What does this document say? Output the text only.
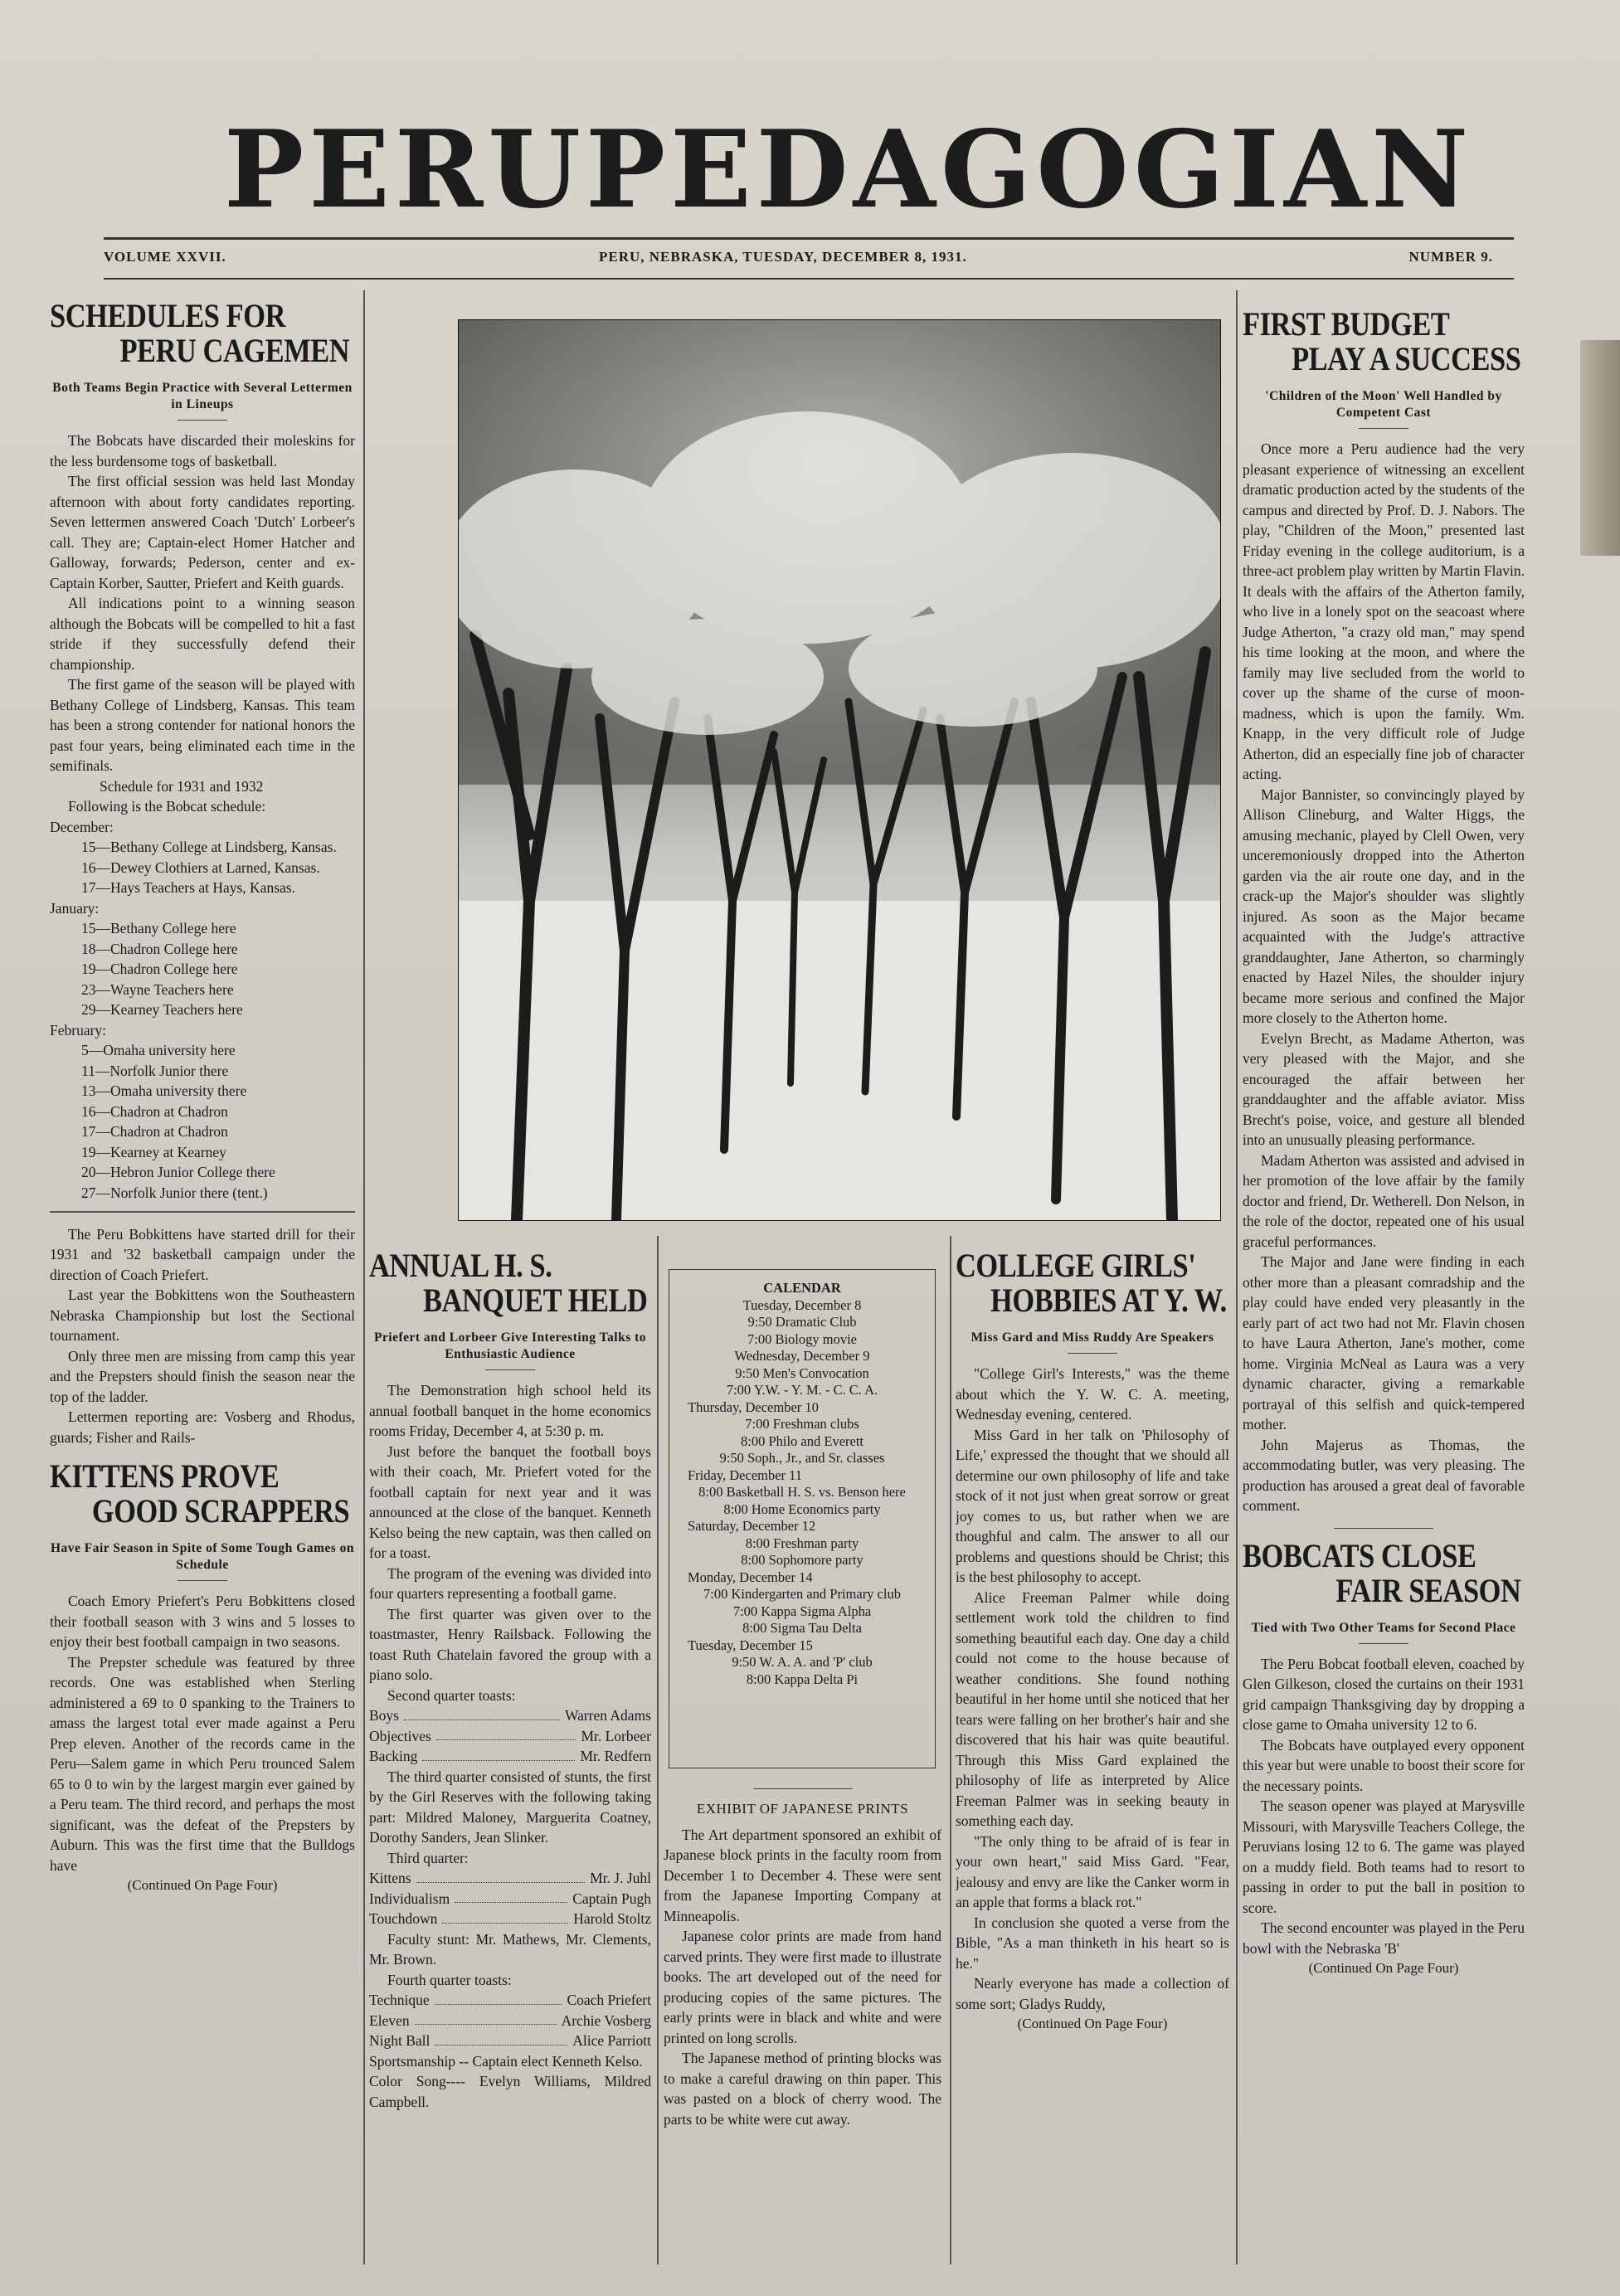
PERU PEDAGOGIAN
VOLUME XXVII.	PERU, NEBRASKA, TUESDAY, DECEMBER 8, 1931.	NUMBER 9.
SCHEDULES FOR
PERU CAGEMEN
Both Teams Begin Practice with Several Lettermen in Lineups

The Bobcats have discarded their moleskins for the less burdensome togs of basketball.

The first official session was held last Monday afternoon with about forty candidates reporting. Seven lettermen answered Coach 'Dutch' Lorbeer's call. They are; Captain-elect Homer Hatcher and Galloway, forwards; Pederson, center and ex-Captain Korber, Sautter, Priefert and Keith guards.

All indications point to a winning season although the Bobcats will be compelled to hit a fast stride if they successfully defend their championship.

The first game of the season will be played with Bethany College of Lindsberg, Kansas. This team has been a strong contender for national honors the past four years, being eliminated each time in the semifinals.

Schedule for 1931 and 1932

Following is the Bobcat schedule:

December:
15—Bethany College at Lindsberg, Kansas.
16—Dewey Clothiers at Larned, Kansas.
17—Hays Teachers at Hays, Kansas.
January:
15—Bethany College here
18—Chadron College here
19—Chadron College here
23—Wayne Teachers here
29—Kearney Teachers here
February:
5—Omaha university here
11—Norfolk Junior there
13—Omaha university there
16—Chadron at Chadron
17—Chadron at Chadron
19—Kearney at Kearney
20—Hebron Junior College there
27—Norfolk Junior there (tent.)

The Peru Bobkittens have started drill for their 1931 and '32 basketball campaign under the direction of Coach Priefert.

Last year the Bobkittens won the Southeastern Nebraska Championship but lost the Sectional tournament.

Only three men are missing from camp this year and the Prepsters should finish the season near the top of the ladder.

Lettermen reporting are: Vosberg and Rhodus, guards; Fisher and Rails-

KITTENS PROVE
GOOD SCRAPPERS
Have Fair Season in Spite of Some Tough Games on Schedule

Coach Emory Priefert's Peru Bobkittens closed their football season with 3 wins and 5 losses to enjoy their best football campaign in two seasons.

The Prepster schedule was featured by three records. One was established when Sterling administered a 69 to 0 spanking to the Trainers to amass the largest total ever made against a Peru Prep eleven. Another of the records came in the Peru—Salem game in which Peru trounced Salem 65 to 0 to win by the largest margin ever gained by a Peru team. The third record, and perhaps the most significant, was the defeat of the Prepsters by Auburn. This was the first time that the Bulldogs have

(Continued On Page Four)
ANNUAL H. S.
BANQUET HELD
Priefert and Lorbeer Give Interesting Talks to Enthusiastic Audience

The Demonstration high school held its annual football banquet in the home economics rooms Friday, December 4, at 5:30 p. m.

Just before the banquet the football boys with their coach, Mr. Priefert voted for the football captain for next year and it was announced at the close of the banquet. Kenneth Kelso being the new captain, was then called on for a toast.

The program of the evening was divided into four quarters representing a football game.

The first quarter was given over to the toastmaster, Henry Railsback. Following the toast Ruth Chatelain favored the group with a piano solo.

Second quarter toasts:

Boys	Warren Adams
Objectives	Mr. Lorbeer
Backing	Mr. Redfern

The third quarter consisted of stunts, the first by the Girl Reserves with the following taking part: Mildred Maloney, Marguerita Coatney, Dorothy Sanders, Jean Slinker.

Third quarter:

Kittens	Mr. J. Juhl
Individualism	Captain Pugh
Touchdown	Harold Stoltz

Faculty stunt: Mr. Mathews, Mr. Clements, Mr. Brown.

Fourth quarter toasts:

Technique	Coach Priefert
Eleven	Archie Vosberg
Night Ball	Alice Parriott

Sportsmanship -- Captain elect Kenneth Kelso.

Color Song---- Evelyn Williams, Mildred Campbell.

CALENDAR
Tuesday, December 8
9:50 Dramatic Club
7:00 Biology movie
Wednesday, December 9
9:50 Men's Convocation
7:00 Y.W. - Y. M. - C. C. A.
Thursday, December 10
7:00 Freshman clubs
8:00 Philo and Everett
9:50 Soph., Jr., and Sr. classes
Friday, December 11
8:00 Basketball H. S. vs. Benson here
8:00 Home Economics party
Saturday, December 12
8:00 Freshman party
8:00 Sophomore party
Monday, December 14
7:00 Kindergarten and Primary club
7:00 Kappa Sigma Alpha
8:00 Sigma Tau Delta
Tuesday, December 15
9:50 W. A. A. and 'P' club
8:00 Kappa Delta Pi
EXHIBIT OF JAPANESE PRINTS

The Art department sponsored an exhibit of Japanese block prints in the faculty room from December 1 to December 4. These were sent from the Japanese Importing Company at Minneapolis.

Japanese color prints are made from hand carved prints. They were first made to illustrate books. The art developed out of the need for producing copies of the same pictures. The early prints were in black and white and were printed on long scrolls.

The Japanese method of printing blocks was to make a careful drawing on thin paper. This was pasted on a block of cherry wood. The parts to be white were cut away.

COLLEGE GIRLS'
HOBBIES AT Y. W.
Miss Gard and Miss Ruddy Are Speakers

"College Girl's Interests," was the theme about which the Y. W. C. A. meeting, Wednesday evening, centered.

Miss Gard in her talk on 'Philosophy of Life,' expressed the thought that we should all determine our own philosophy of life and take stock of it not just when great sorrow or great joy comes to us, but rather when we are thoughful and calm. The answer to all our problems and questions should be Christ; this is the best philosophy to accept.

Alice Freeman Palmer while doing settlement work told the children to find something beautiful each day. One day a child could not come to the house because of weather conditions. She found nothing beautiful in her home until she noticed that her tears were falling on her brother's hair and she discovered that his hair was quite beautiful. Through this Miss Gard explained the philosophy of life as interpreted by Alice Freeman Palmer was in seeking beauty in something each day.

"The only thing to be afraid of is fear in your own heart," said Miss Gard. "Fear, jealousy and envy are like the Canker worm in an apple that forms a black rot."

In conclusion she quoted a verse from the Bible, "As a man thinketh in his heart so is he."

Nearly everyone has made a collection of some sort; Gladys Ruddy,

(Continued On Page Four)
FIRST BUDGET
PLAY A SUCCESS
'Children of the Moon' Well Handled by Competent Cast

Once more a Peru audience had the very pleasant experience of witnessing an excellent dramatic production acted by the students of the campus and directed by Prof. D. J. Nabors. The play, "Children of the Moon," presented last Friday evening in the college auditorium, is a three-act problem play written by Martin Flavin. It deals with the affairs of the Atherton family, who live in a lonely spot on the seacoast where Judge Atherton, "a crazy old man," may spend his time looking at the moon, and where the family may live secluded from the world to cover up the shame of the curse of moon-madness, which is upon the family. Wm. Knapp, in the very difficult role of Judge Atherton, did an especially fine job of character acting.

Major Bannister, so convincingly played by Allison Clineburg, and Walter Higgs, the amusing mechanic, played by Clell Owen, very unceremoniously dropped into the Atherton garden via the air route one day, and in the crack-up the Major's shoulder was slightly injured. As soon as the Major became acquainted with the Judge's attractive granddaughter, Jane Atherton, so charmingly enacted by Hazel Niles, the shoulder injury became more serious and confined the Major more closely to the Atherton home.

Evelyn Brecht, as Madame Atherton, was very pleased with the Major, and she encouraged the affair between her granddaughter and the affable aviator. Miss Brecht's poise, voice, and gesture all blended into an unusually pleasing performance.

Madam Atherton was assisted and advised in her promotion of the love affair by the family doctor and friend, Dr. Wetherell. Don Nelson, in the role of the doctor, repeated one of his usual graceful performances.

The Major and Jane were finding in each other more than a pleasant comradship and the play could have ended very pleasantly in the early part of act two had not Mr. Flavin chosen to have Laura Atherton, Jane's mother, come home. Virginia McNeal as Laura was a very dynamic character, giving a remarkable portrayal of this selfish and quick-tempered mother.

John Majerus as Thomas, the accommodating butler, was very pleasing. The production has aroused a great deal of favorable comment.

BOBCATS CLOSE
FAIR SEASON
Tied with Two Other Teams for Second Place

The Peru Bobcat football eleven, coached by Glen Gilkeson, closed the curtains on their 1931 grid campaign Thanksgiving day by dropping a close game to Omaha university 12 to 6.

The Bobcats have outplayed every opponent this year but were unable to boost their score for the necessary points.

The season opener was played at Marysville Missouri, with Marysville Teachers College, the Peruvians losing 12 to 6. The game was played on a muddy field. Both teams had to resort to passing in order to put the ball in position to score.

The second encounter was played in the Peru bowl with the Nebraska 'B'

(Continued On Page Four)
